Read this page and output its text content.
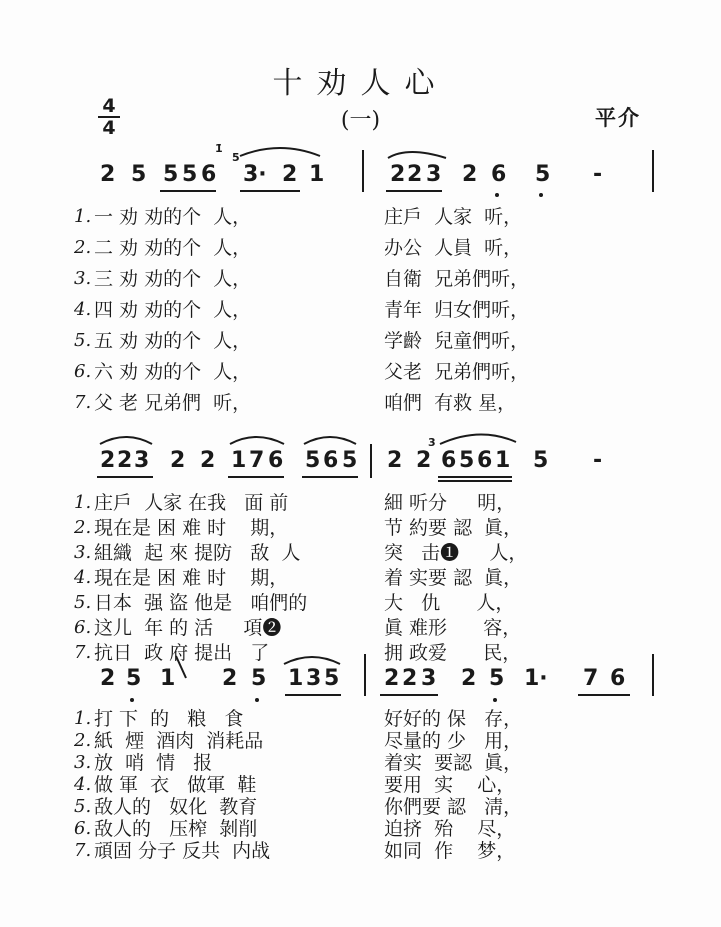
十劝人心
(一)	平介
4
4
2 5 5 5 6 3· 2 1
1̇
5
2 2 3 2 6 5 -
1. 一 劝 劝的个  人，	庄戶  人家  听，
2. 二 劝 劝的个  人，	办公  人員  听，
3. 三 劝 劝的个  人，	自衛  兄弟們听，
4. 四 劝 劝的个  人，	青年  归女們听，
5. 五 劝 劝的个  人，	学齡  兒童們听，
6. 六 劝 劝的个  人，	父老  兄弟們听，
7. 父 老 兄弟們  听，	咱們  有救 星，
2 2 3 2 2 1 7 6 5 6 5 2 2 6 5 6 1 5 -
3
1. 庄戶  人家 在我   面 前	細 听分     明，
2. 現在是 困 难 时    期，	节 約要 認  眞，
3. 組織  起 來 提防   敌  人	突   击❶     人，
4. 現在是 困 难 时    期，	着 实要 認  眞，
5. 日本  强 盜 他是   咱們的	大   仇      人，
6. 这儿  年 的 活     項❷	眞 难形      容，
7. 抗日  政 府 提出   了	拥 政爱      民，
2 5 1 2 5 1 3 5 2 2 3 2 5 1· 7 6
1. 打 下  的   粮   食	好好的 保   存，
2. 紙  煙  酒肉  消耗品	尽量的 少   用，
3. 放  哨  情   报	着实  要認  眞，
4. 做 軍  衣   做軍  鞋	要用  实    心，
5. 敌人的   奴化  教育	你們要 認   淸，
6. 敌人的   压榨  剝削	迫挤  殆    尽，
7. 頑固 分子 反共  内战	如同  作    梦，
